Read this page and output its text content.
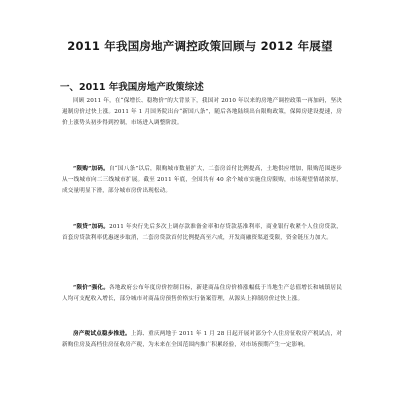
2011 年我国房地产调控政策回顾与 2012 年展望
一、2011 年我国房地产政策综述

回顾 2011 年，在“保增长、稳物价”的大背景下，我国对 2010 年以来的房地产调控政策一再加码，坚决遏制房价过快上涨。2011 年 1 月国务院出台“新国八条”，随后各地陆续出台限购政策，保障房建设提速，房价上涨势头初步得到控制，市场进入调整阶段。

“限购”加码。自“国八条”以后，限购城市数量扩大，二套房首付比例提高，土地供应增加，限购范围逐步从一线城市向二三线城市扩展。截至 2011 年底，全国共有 40 余个城市实施住房限购，市场观望情绪浓厚，成交量明显下滑，部分城市房价出现松动。

“限贷”加码。2011 年央行先后多次上调存款准备金率和存贷款基准利率，商业银行收紧个人住房贷款，首套房贷款利率优惠逐步取消，二套房贷款首付比例提高至六成，开发商融资渠道受限，资金链压力加大。

“限价”强化。各地政府公布年度房价控制目标，新建商品住房价格涨幅低于当地生产总值增长和城镇居民人均可支配收入增长，部分城市对商品房预售价格实行备案管理，从源头上抑制房价过快上涨。

房产税试点稳步推进。上海、重庆两地于 2011 年 1 月 28 日起开展对部分个人住房征收房产税试点，对新购住房及高档住房征收房产税，为未来在全国范围内推广积累经验，对市场预期产生一定影响。
